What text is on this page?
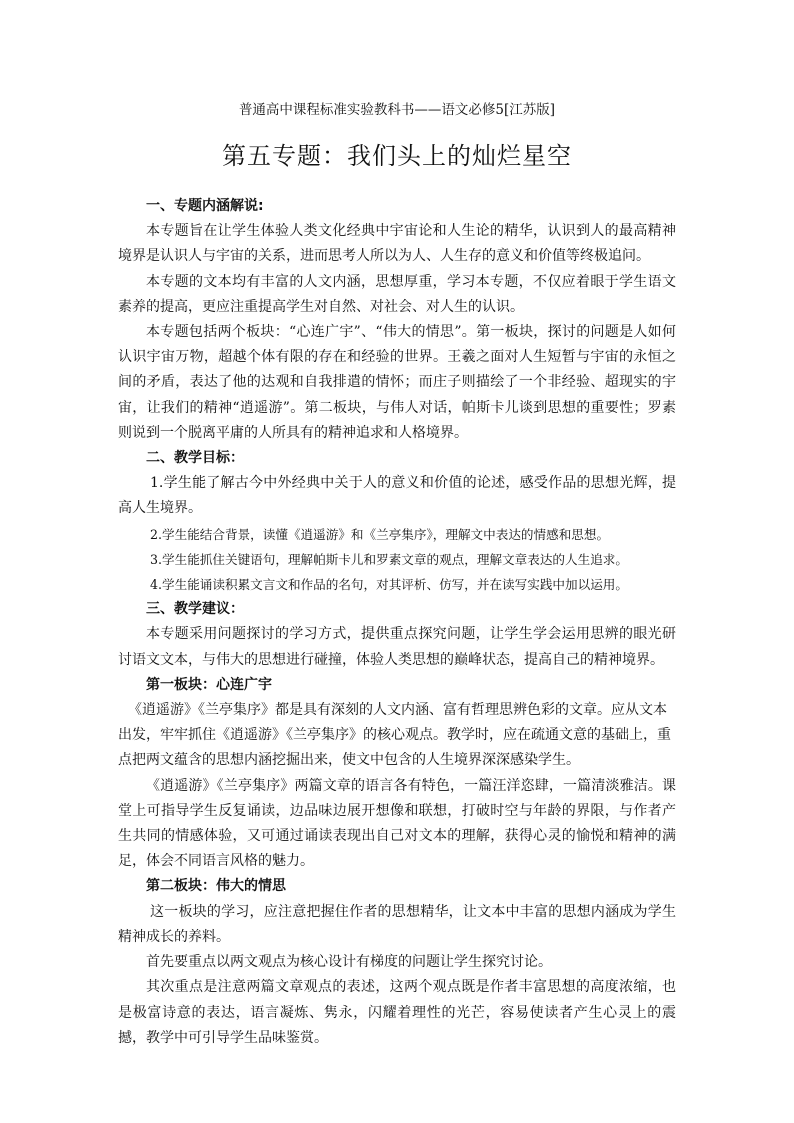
普通高中课程标准实验教科书——语文必修5[江苏版]
第五专题：我们头上的灿烂星空

一、专题内涵解说:

本专题旨在让学生体验人类文化经典中宇宙论和人生论的精华，认识到人的最高精神境界是认识人与宇宙的关系，进而思考人所以为人、人生存的意义和价值等终极追问。

本专题的文本均有丰富的人文内涵，思想厚重，学习本专题，不仅应着眼于学生语文素养的提高，更应注重提高学生对自然、对社会、对人生的认识。

本专题包括两个板块：“心连广宇”、“伟大的情思”。第一板块，探讨的问题是人如何认识宇宙万物，超越个体有限的存在和经验的世界。王羲之面对人生短暂与宇宙的永恒之间的矛盾，表达了他的达观和自我排遣的情怀；而庄子则描绘了一个非经验、超现实的宇宙，让我们的精神“逍遥游”。第二板块，与伟人对话，帕斯卡儿谈到思想的重要性；罗素则说到一个脱离平庸的人所具有的精神追求和人格境界。

二、教学目标：

1.学生能了解古今中外经典中关于人的意义和价值的论述，感受作品的思想光辉，提高人生境界。

2.学生能结合背景，读懂《逍遥游》和《兰亭集序》，理解文中表达的情感和思想。

3.学生能抓住关键语句，理解帕斯卡儿和罗素文章的观点，理解文章表达的人生追求。

4.学生能诵读积累文言文和作品的名句，对其评析、仿写，并在读写实践中加以运用。

三、教学建议：

本专题采用问题探讨的学习方式，提供重点探究问题，让学生学会运用思辨的眼光研讨语文文本，与伟大的思想进行碰撞，体验人类思想的巅峰状态，提高自己的精神境界。

第一板块：心连广宇

《逍遥游》《兰亭集序》都是具有深刻的人文内涵、富有哲理思辨色彩的文章。应从文本出发，牢牢抓住《逍遥游》《兰亭集序》的核心观点。教学时，应在疏通文意的基础上，重点把两文蕴含的思想内涵挖掘出来，使文中包含的人生境界深深感染学生。

《逍遥游》《兰亭集序》两篇文章的语言各有特色，一篇汪洋恣肆，一篇清淡雅洁。课堂上可指导学生反复诵读，边品味边展开想像和联想，打破时空与年龄的界限，与作者产生共同的情感体验，又可通过诵读表现出自己对文本的理解，获得心灵的愉悦和精神的满足，体会不同语言风格的魅力。

第二板块：伟大的情思

这一板块的学习，应注意把握住作者的思想精华，让文本中丰富的思想内涵成为学生精神成长的养料。

首先要重点以两文观点为核心设计有梯度的问题让学生探究讨论。

其次重点是注意两篇文章观点的表述，这两个观点既是作者丰富思想的高度浓缩，也是极富诗意的表达，语言凝炼、隽永，闪耀着理性的光芒，容易使读者产生心灵上的震撼，教学中可引导学生品味鉴赏。
